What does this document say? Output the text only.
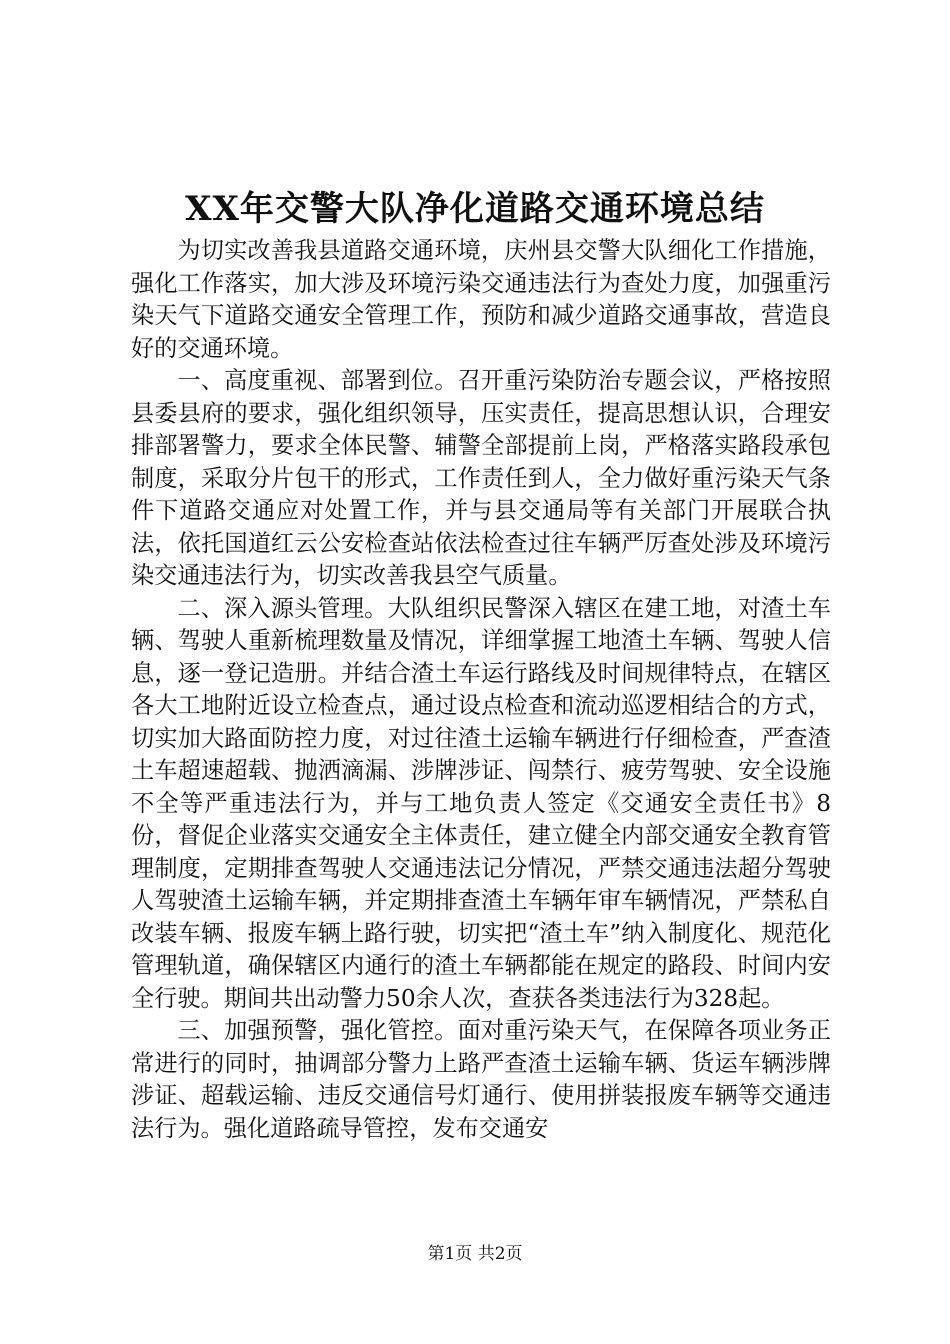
XX年交警大队净化道路交通环境总结

为切实改善我县道路交通环境，庆州县交警大队细化工作措施，强化工作落实，加大涉及环境污染交通违法行为查处力度，加强重污染天气下道路交通安全管理工作，预防和减少道路交通事故，营造良好的交通环境。

一、高度重视、部署到位。召开重污染防治专题会议，严格按照县委县府的要求，强化组织领导，压实责任，提高思想认识，合理安排部署警力，要求全体民警、辅警全部提前上岗，严格落实路段承包制度，采取分片包干的形式，工作责任到人，全力做好重污染天气条件下道路交通应对处置工作，并与县交通局等有关部门开展联合执法，依托国道红云公安检查站依法检查过往车辆严厉查处涉及环境污染交通违法行为，切实改善我县空气质量。

二、深入源头管理。大队组织民警深入辖区在建工地，对渣土车辆、驾驶人重新梳理数量及情况，详细掌握工地渣土车辆、驾驶人信息，逐一登记造册。并结合渣土车运行路线及时间规律特点，在辖区各大工地附近设立检查点，通过设点检查和流动巡逻相结合的方式，切实加大路面防控力度，对过往渣土运输车辆进行仔细检查，严查渣土车超速超载、抛洒滴漏、涉牌涉证、闯禁行、疲劳驾驶、安全设施不全等严重违法行为，并与工地负责人签定《交通安全责任书》8份，督促企业落实交通安全主体责任，建立健全内部交通安全教育管理制度，定期排查驾驶人交通违法记分情况，严禁交通违法超分驾驶人驾驶渣土运输车辆，并定期排查渣土车辆年审车辆情况，严禁私自改装车辆、报废车辆上路行驶，切实把“渣土车”纳入制度化、规范化管理轨道，确保辖区内通行的渣土车辆都能在规定的路段、时间内安全行驶。期间共出动警力50余人次，查获各类违法行为328起。

三、加强预警，强化管控。面对重污染天气，在保障各项业务正常进行的同时，抽调部分警力上路严查渣土运输车辆、货运车辆涉牌涉证、超载运输、违反交通信号灯通行、使用拼装报废车辆等交通违法行为。强化道路疏导管控，发布交通安

第1页 共2页
